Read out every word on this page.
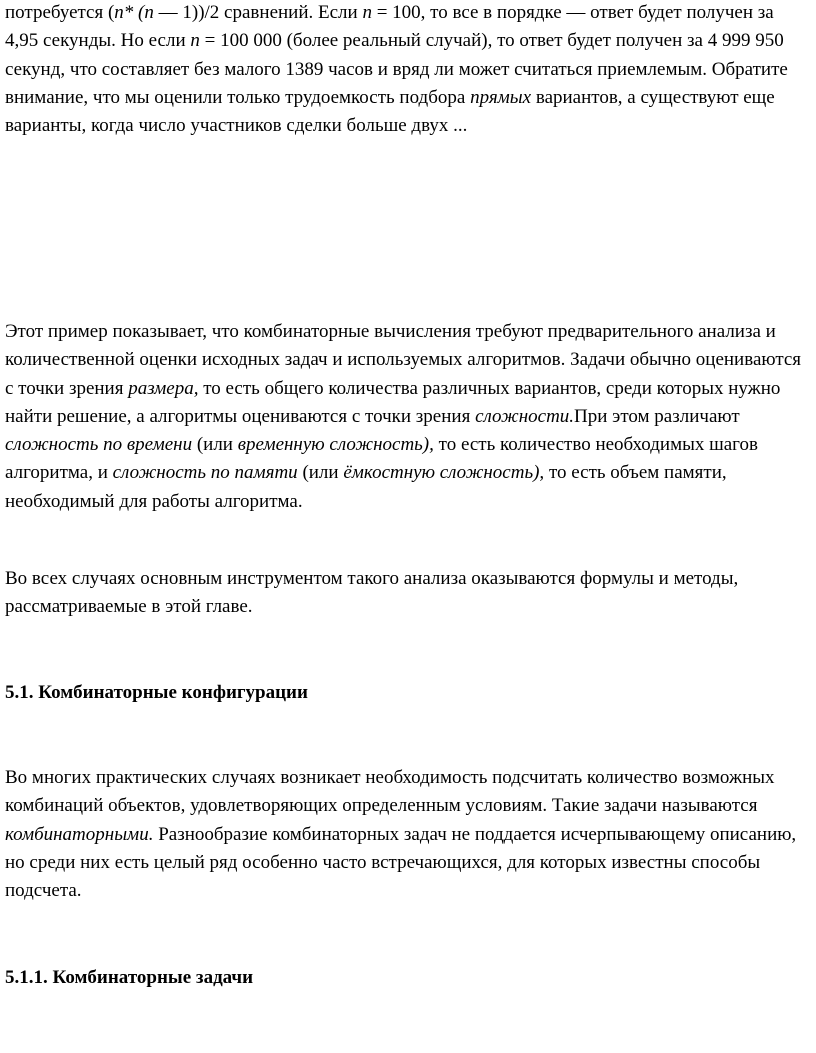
потребуется (n* (n — 1))/2 сравнений. Если n = 100, то все в порядке — ответ будет получен за 4,95 секунды. Но если n = 100 000 (более реальный случай), то ответ будет получен за 4 999 950 секунд, что составляет без малого 1389 часов и вряд ли может считаться приемлемым. Обратите внимание, что мы оценили только трудоемкость подбора прямых вариантов, а существуют еще варианты, когда число участников сделки больше двух ...

Этот пример показывает, что комбинаторные вычисления требуют предварительного анализа и количественной оценки исходных задач и используемых алгоритмов. Задачи обычно оцениваются с точки зрения размера, то есть общего количества различных вариантов, среди которых нужно найти решение, а алгоритмы оцениваются с точки зрения сложности.При этом различают сложность по времени (или временную сложность), то есть количество необходимых шагов алгоритма, и сложность по памяти (или ёмкостную сложность), то есть объем памяти, необходимый для работы алгоритма.

Во всех случаях основным инструментом такого анализа оказываются формулы и методы, рассматриваемые в этой главе.

5.1. Комбинаторные конфигурации

Во многих практических случаях возникает необходимость подсчитать количество возможных комбинаций объектов, удовлетворяющих определенным условиям. Такие задачи называются комбинаторными. Разнообразие комбинаторных задач не поддается исчерпывающему описанию, но среди них есть целый ряд особенно часто встречающихся, для которых известны способы подсчета.

5.1.1. Комбинаторные задачи
